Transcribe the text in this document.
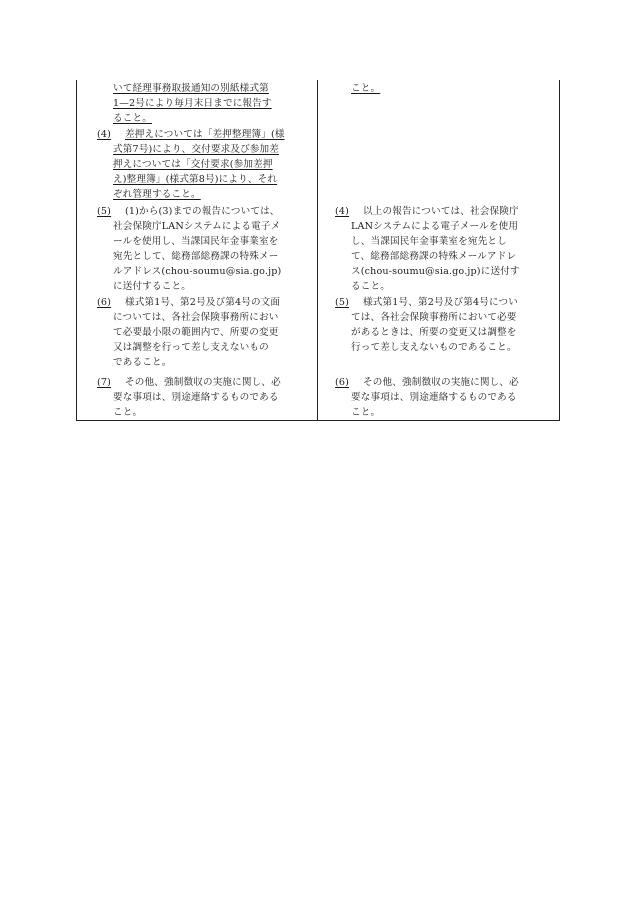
いて経理事務取扱通知の別紙様式第
1—2号により毎月末日までに報告す
ること。
(4) 差押えについては「差押整理簿」(様
式第7号)により、交付要求及び参加差
押えについては「交付要求(参加差押
え)整理簿」(様式第8号)により、それ
ぞれ管理すること。
(5) (1)から(3)までの報告については、
社会保険庁LANシステムによる電子メ
ールを使用し、当課国民年金事業室を
宛先として、総務部総務課の特殊メー
ルアドレス(chou-soumu@sia.go.jp)
に送付すること。
(6) 様式第1号、第2号及び第4号の文面
については、各社会保険事務所におい
て必要最小限の範囲内で、所要の変更
又は調整を行って差し支えないもの
であること。
(7) その他、強制徴収の実施に関し、必
要な事項は、別途連絡するものである
こと。
こと。
(4) 以上の報告については、社会保険庁
LANシステムによる電子メールを使用
し、当課国民年金事業室を宛先とし
て、総務部総務課の特殊メールアドレ
ス(chou-soumu@sia.go.jp)に送付す
ること。
(5) 様式第1号、第2号及び第4号につい
ては、各社会保険事務所において必要
があるときは、所要の変更又は調整を
行って差し支えないものであること。
(6) その他、強制徴収の実施に関し、必
要な事項は、別途連絡するものである
こと。
